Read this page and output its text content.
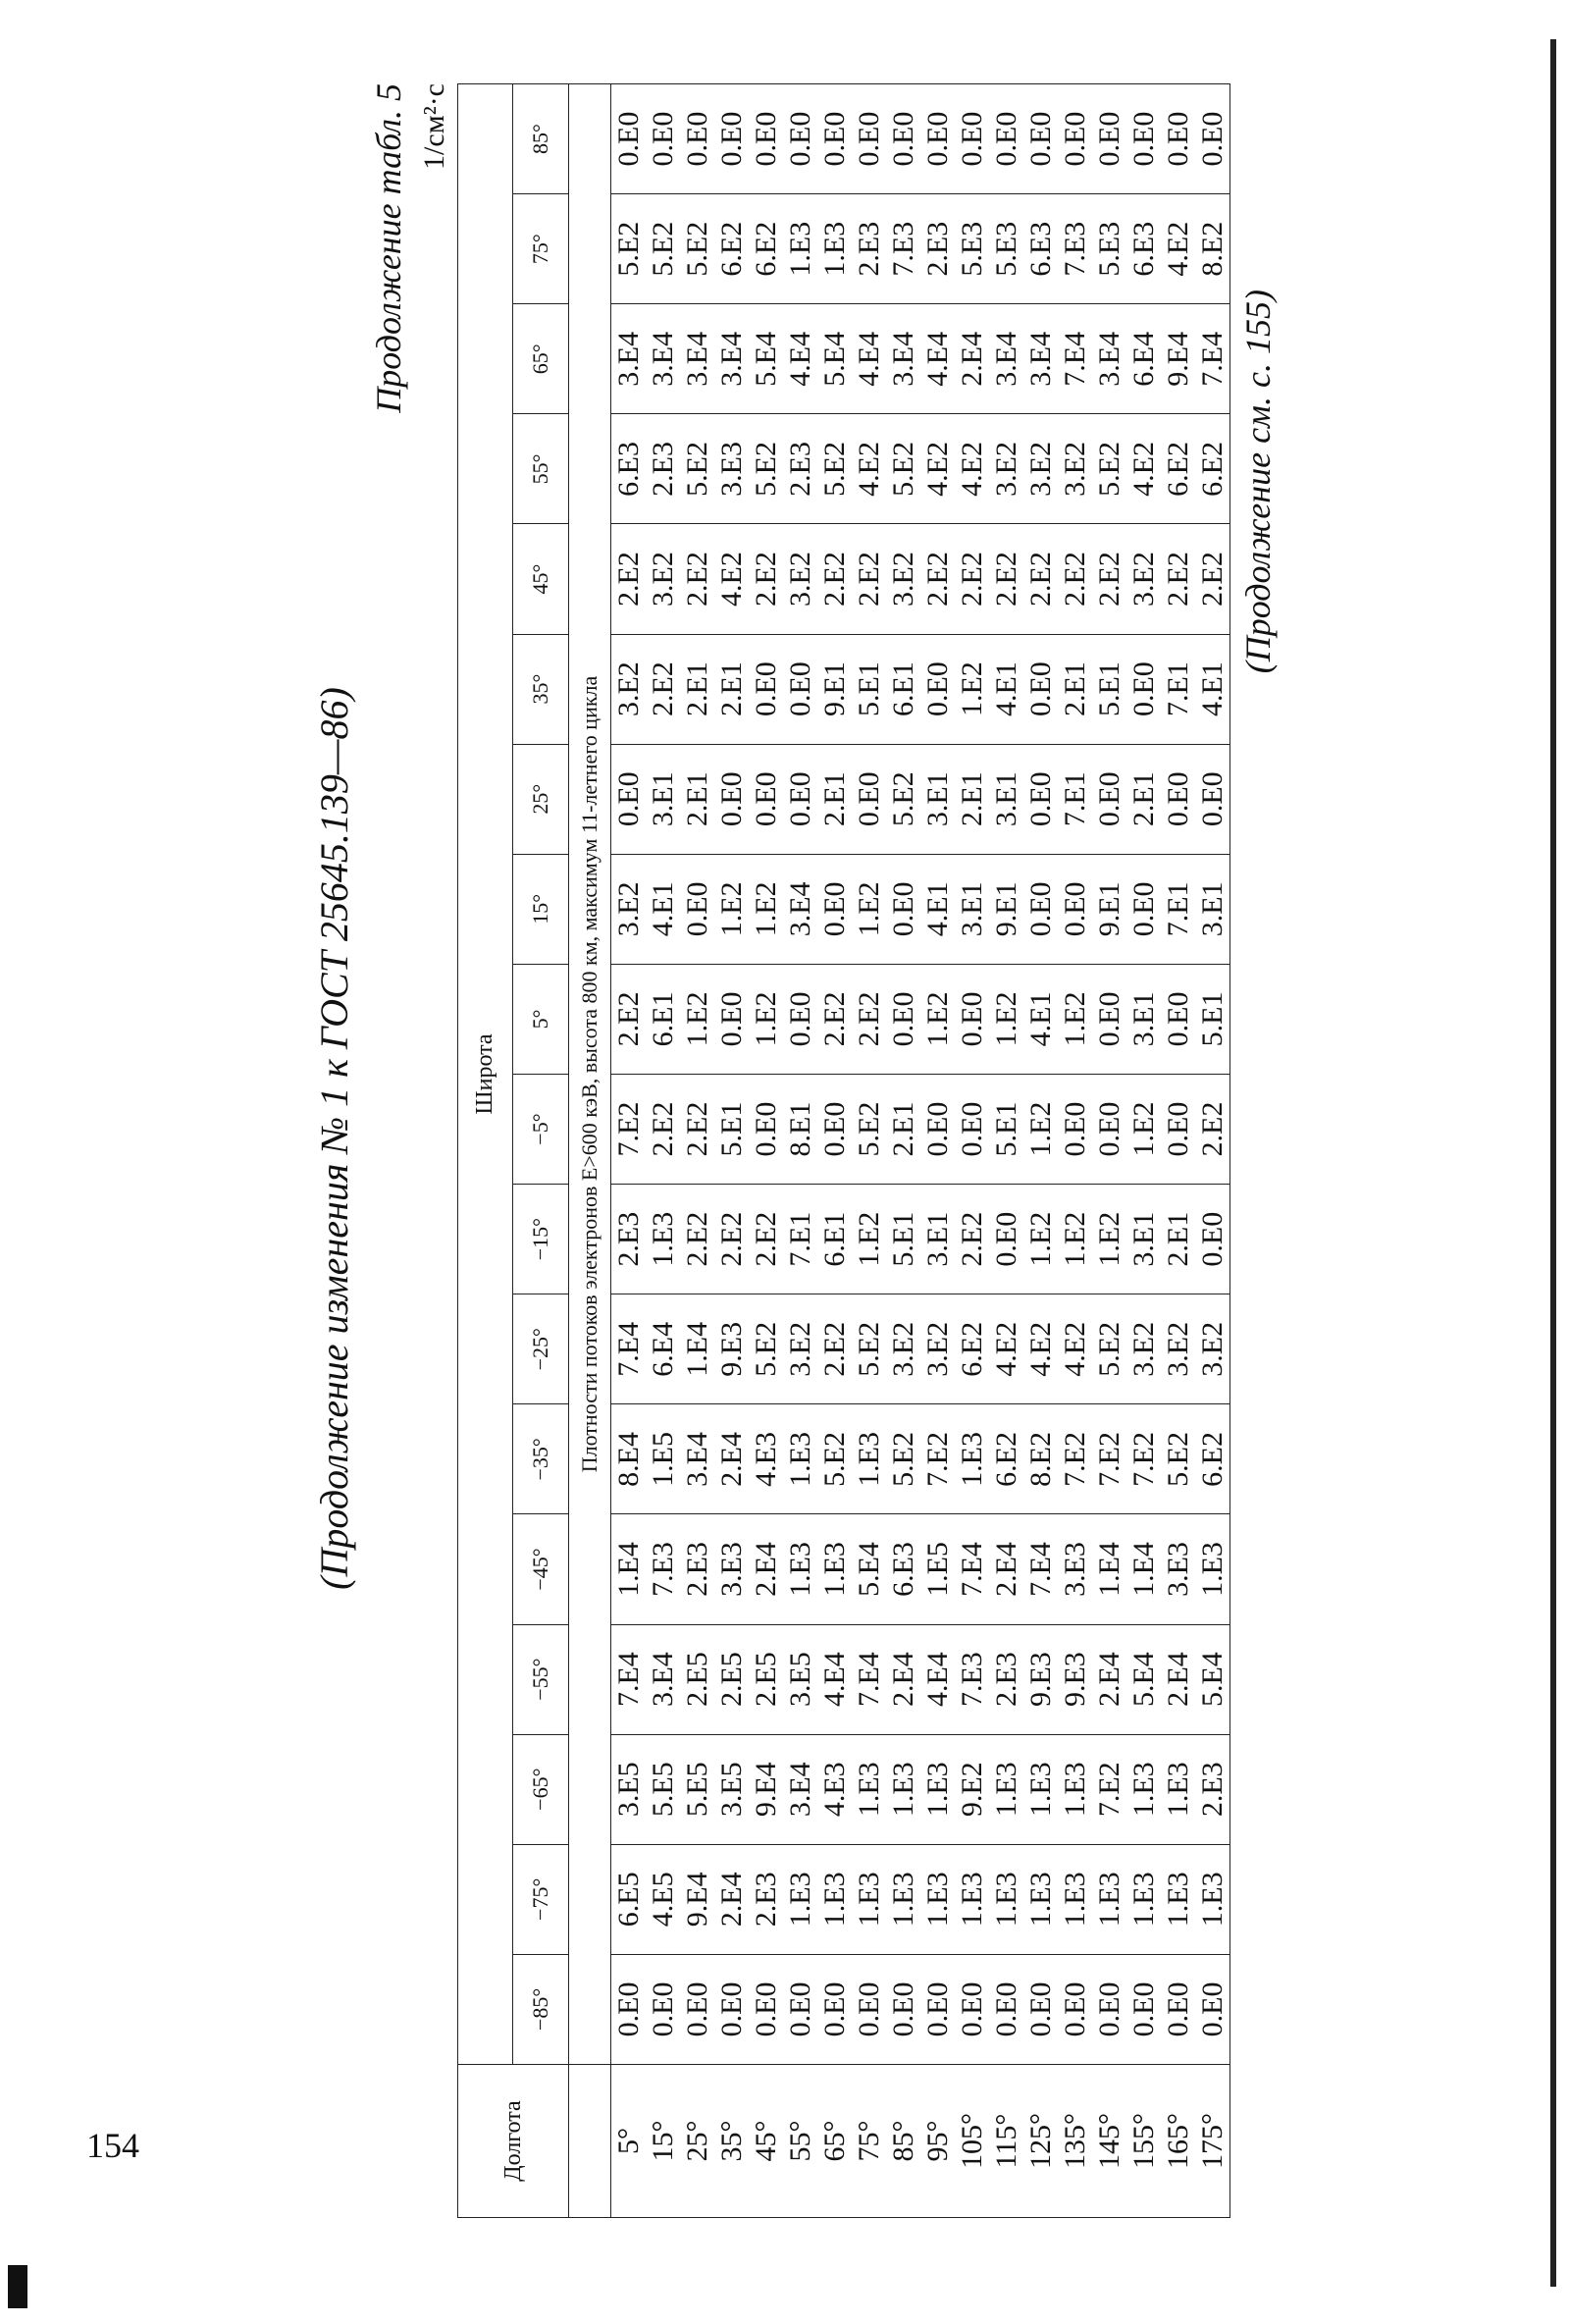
154
(Продолжение изменения № 1 к ГОСТ 25645.139—86)
Продолжение табл. 5 1/см²·с
Долгота	Широта																	
	−85°	−75°	−65°	−55°	−45°	−35°	−25°	−15°	−5°	5°	15°	25°	35°	45°	55°	65°	75°	85°
	Плотности потоков электронов E>600 кэВ, высота 800 км, максимум 11-летнего цикла																	
5°	0.E0	6.E5	3.E5	7.E4	1.E4	8.E4	7.E4	2.E3	7.E2	2.E2	3.E2	0.E0	3.E2	2.E2	6.E3	3.E4	5.E2	0.E0
15°	0.E0	4.E5	5.E5	3.E4	7.E3	1.E5	6.E4	1.E3	2.E2	6.E1	4.E1	3.E1	2.E2	3.E2	2.E3	3.E4	5.E2	0.E0
25°	0.E0	9.E4	5.E5	2.E5	2.E3	3.E4	1.E4	2.E2	2.E2	1.E2	0.E0	2.E1	2.E1	2.E2	5.E2	3.E4	5.E2	0.E0
35°	0.E0	2.E4	3.E5	2.E5	3.E3	2.E4	9.E3	2.E2	5.E1	0.E0	1.E2	0.E0	2.E1	4.E2	3.E3	3.E4	6.E2	0.E0
45°	0.E0	2.E3	9.E4	2.E5	2.E4	4.E3	5.E2	2.E2	0.E0	1.E2	1.E2	0.E0	0.E0	2.E2	5.E2	5.E4	6.E2	0.E0
55°	0.E0	1.E3	3.E4	3.E5	1.E3	1.E3	3.E2	7.E1	8.E1	0.E0	3.E4	0.E0	0.E0	3.E2	2.E3	4.E4	1.E3	0.E0
65°	0.E0	1.E3	4.E3	4.E4	1.E3	5.E2	2.E2	6.E1	0.E0	2.E2	0.E0	2.E1	9.E1	2.E2	5.E2	5.E4	1.E3	0.E0
75°	0.E0	1.E3	1.E3	7.E4	5.E4	1.E3	5.E2	1.E2	5.E2	2.E2	1.E2	0.E0	5.E1	2.E2	4.E2	4.E4	2.E3	0.E0
85°	0.E0	1.E3	1.E3	2.E4	6.E3	5.E2	3.E2	5.E1	2.E1	0.E0	0.E0	5.E2	6.E1	3.E2	5.E2	3.E4	7.E3	0.E0
95°	0.E0	1.E3	1.E3	4.E4	1.E5	7.E2	3.E2	3.E1	0.E0	1.E2	4.E1	3.E1	0.E0	2.E2	4.E2	4.E4	2.E3	0.E0
105°	0.E0	1.E3	9.E2	7.E3	7.E4	1.E3	6.E2	2.E2	0.E0	0.E0	3.E1	2.E1	1.E2	2.E2	4.E2	2.E4	5.E3	0.E0
115°	0.E0	1.E3	1.E3	2.E3	2.E4	6.E2	4.E2	0.E0	5.E1	1.E2	9.E1	3.E1	4.E1	2.E2	3.E2	3.E4	5.E3	0.E0
125°	0.E0	1.E3	1.E3	9.E3	7.E4	8.E2	4.E2	1.E2	1.E2	4.E1	0.E0	0.E0	0.E0	2.E2	3.E2	3.E4	6.E3	0.E0
135°	0.E0	1.E3	1.E3	9.E3	3.E3	7.E2	4.E2	1.E2	0.E0	1.E2	0.E0	7.E1	2.E1	2.E2	3.E2	7.E4	7.E3	0.E0
145°	0.E0	1.E3	7.E2	2.E4	1.E4	7.E2	5.E2	1.E2	0.E0	0.E0	9.E1	0.E0	5.E1	2.E2	5.E2	3.E4	5.E3	0.E0
155°	0.E0	1.E3	1.E3	5.E4	1.E4	7.E2	3.E2	3.E1	1.E2	3.E1	0.E0	2.E1	0.E0	3.E2	4.E2	6.E4	6.E3	0.E0
165°	0.E0	1.E3	1.E3	2.E4	3.E3	5.E2	3.E2	2.E1	0.E0	0.E0	7.E1	0.E0	7.E1	2.E2	6.E2	9.E4	4.E2	0.E0
175°	0.E0	1.E3	2.E3	5.E4	1.E3	6.E2	3.E2	0.E0	2.E2	5.E1	3.E1	0.E0	4.E1	2.E2	6.E2	7.E4	8.E2	0.E0
(Продолжение см. с. 155)
